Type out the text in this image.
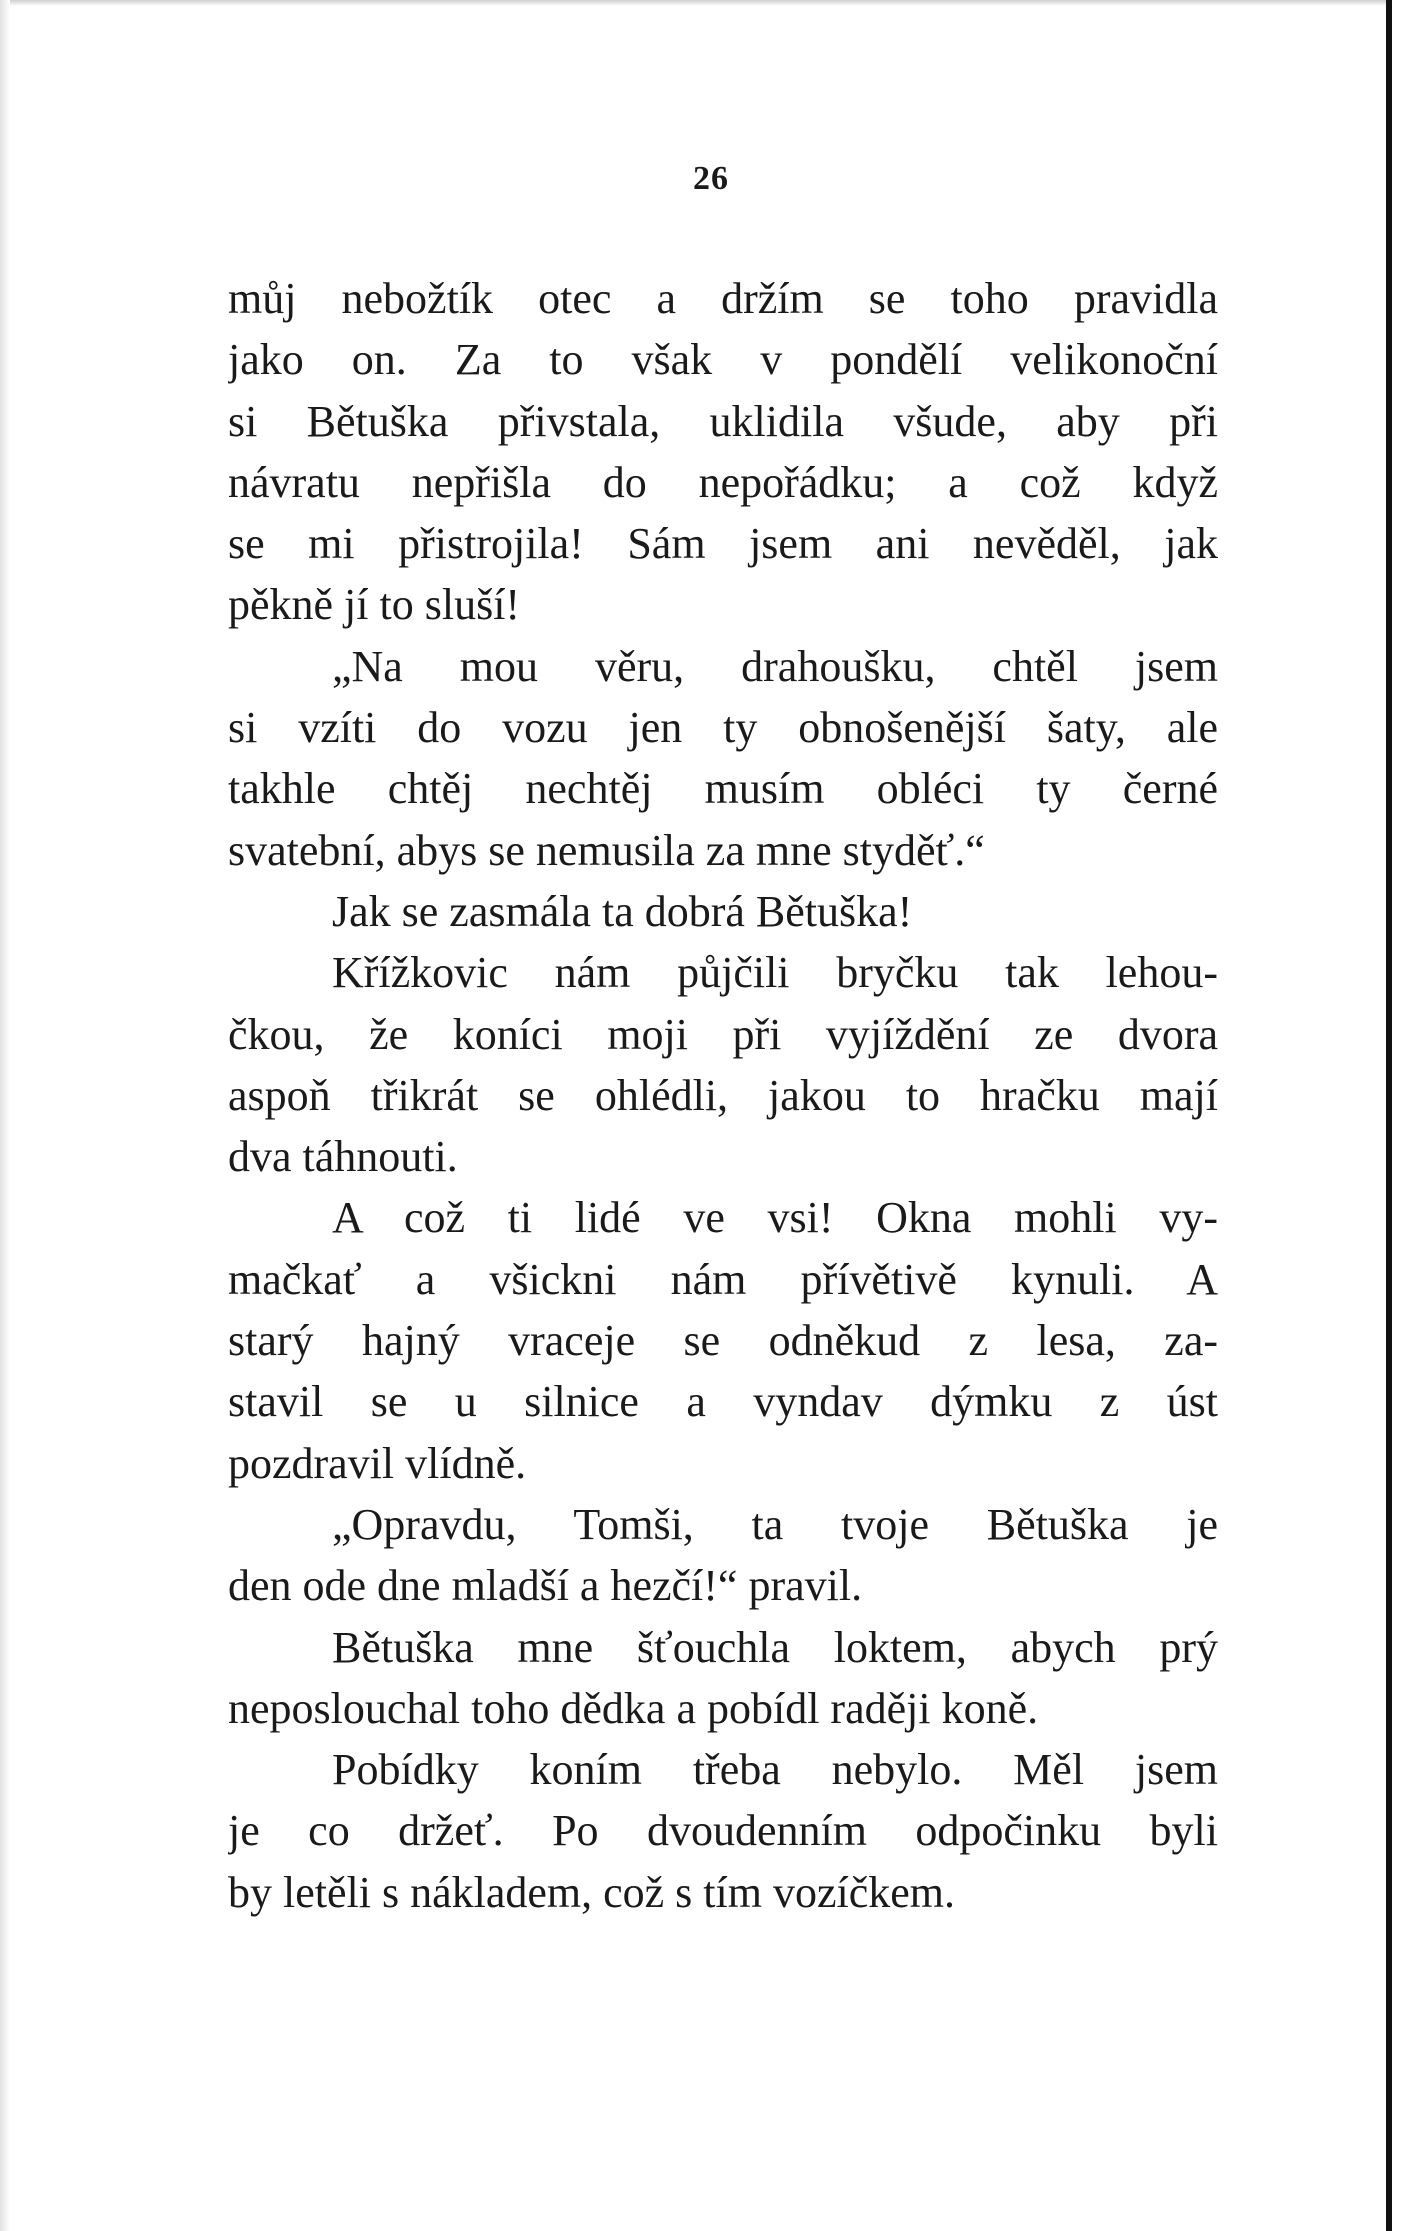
26
můj nebožtík otec a držím se toho pravidla
jako on. Za to však v pondělí velikonoční
si Bětuška přivstala, uklidila všude, aby při
návratu nepřišla do nepořádku; a což když
se mi přistrojila! Sám jsem ani nevěděl, jak
pěkně jí to sluší!
„Na mou věru, drahoušku, chtěl jsem
si vzíti do vozu jen ty obnošenější šaty, ale
takhle chtěj nechtěj musím obléci ty černé
svatební, abys se nemusila za mne styděť.“
Jak se zasmála ta dobrá Bětuška!
Křížkovic nám půjčili bryčku tak lehou-
čkou, že koníci moji při vyjíždění ze dvora
aspoň třikrát se ohlédli, jakou to hračku mají
dva táhnouti.
A což ti lidé ve vsi! Okna mohli vy-
mačkať a všickni nám přívětivě kynuli. A
starý hajný vraceje se odněkud z lesa, za-
stavil se u silnice a vyndav dýmku z úst
pozdravil vlídně.
„Opravdu, Tomši, ta tvoje Bětuška je
den ode dne mladší a hezčí!“ pravil.
Bětuška mne šťouchla loktem, abych prý
neposlouchal toho dědka a pobídl raději koně.
Pobídky koním třeba nebylo. Měl jsem
je co držeť. Po dvoudenním odpočinku byli
by letěli s nákladem, což s tím vozíčkem.
